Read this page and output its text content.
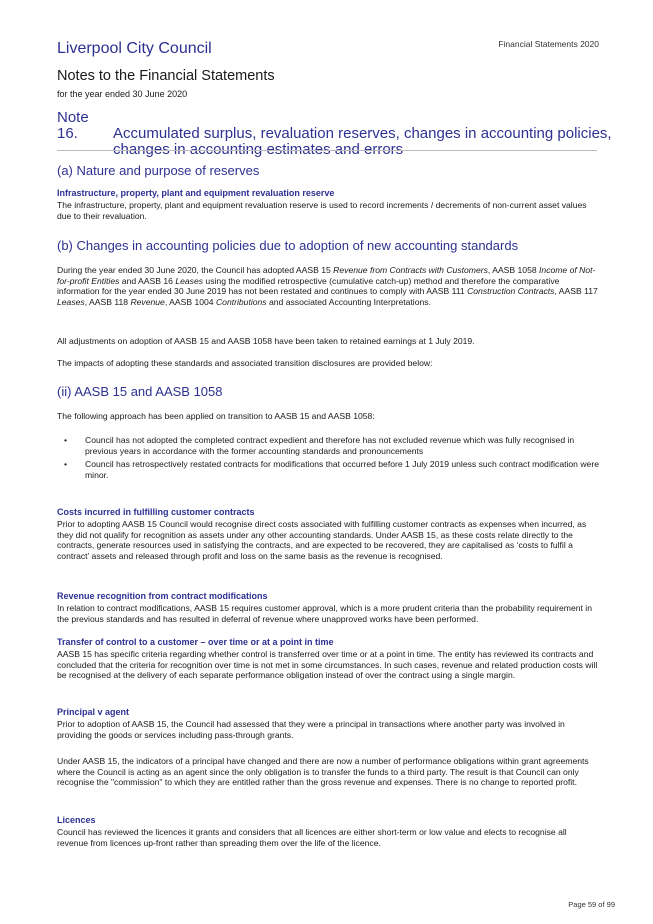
Liverpool City Council	Financial Statements 2020
Notes to the Financial Statements
for the year ended 30 June 2020
Note 16. Accumulated surplus, revaluation reserves, changes in accounting policies,
changes in accounting estimates and errors
(a) Nature and purpose of reserves
Infrastructure, property, plant and equipment revaluation reserve
The infrastructure, property, plant and equipment revaluation reserve is used to record increments / decrements of non-current asset values due to their revaluation.
(b) Changes in accounting policies due to adoption of new accounting standards
During the year ended 30 June 2020, the Council has adopted AASB 15 Revenue from Contracts with Customers, AASB 1058 Income of Not-for-profit Entities and AASB 16 Leases using the modified retrospective (cumulative catch-up) method and therefore the comparative information for the year ended 30 June 2019 has not been restated and continues to comply with AASB 111 Construction Contracts, AASB 117 Leases, AASB 118 Revenue, AASB 1004 Contributions and associated Accounting Interpretations.
All adjustments on adoption of AASB 15 and AASB 1058 have been taken to retained earnings at 1 July 2019.
The impacts of adopting these standards and associated transition disclosures are provided below:
(ii) AASB 15 and AASB 1058
The following approach has been applied on transition to AASB 15 and AASB 1058:
• Council has not adopted the completed contract expedient and therefore has not excluded revenue which was fully recognised in previous years in accordance with the former accounting standards and pronouncements
• Council has retrospectively restated contracts for modifications that occurred before 1 July 2019 unless such contract modification were minor.
Costs incurred in fulfilling customer contracts
Prior to adopting AASB 15 Council would recognise direct costs associated with fulfilling customer contracts as expenses when incurred, as they did not qualify for recognition as assets under any other accounting standards. Under AASB 15, as these costs relate directly to the contracts, generate resources used in satisfying the contracts, and are expected to be recovered, they are capitalised as ‘costs to fulfil a contract’ assets and released through profit and loss on the same basis as the revenue is recognised.
Revenue recognition from contract modifications
In relation to contract modifications, AASB 15 requires customer approval, which is a more prudent criteria than the probability requirement in the previous standards and has resulted in deferral of revenue where unapproved works have been performed.
Transfer of control to a customer – over time or at a point in time
AASB 15 has specific criteria regarding whether control is transferred over time or at a point in time. The entity has reviewed its contracts and concluded that the criteria for recognition over time is not met in some circumstances. In such cases, revenue and related production costs will be recognised at the delivery of each separate performance obligation instead of over the contract using a single margin.
Principal v agent
Prior to adoption of AASB 15, the Council had assessed that they were a principal in transactions where another party was involved in providing the goods or services including pass-through grants.
Under AASB 15, the indicators of a principal have changed and there are now a number of performance obligations within grant agreements where the Council is acting as an agent since the only obligation is to transfer the funds to a third party. The result is that Council can only recognise the "commission" to which they are entitled rather than the gross revenue and expenses. There is no change to reported profit.
Licences
Council has reviewed the licences it grants and considers that all licences are either short-term or low value and elects to recognise all revenue from licences up-front rather than spreading them over the life of the licence.
Page 59 of 99
